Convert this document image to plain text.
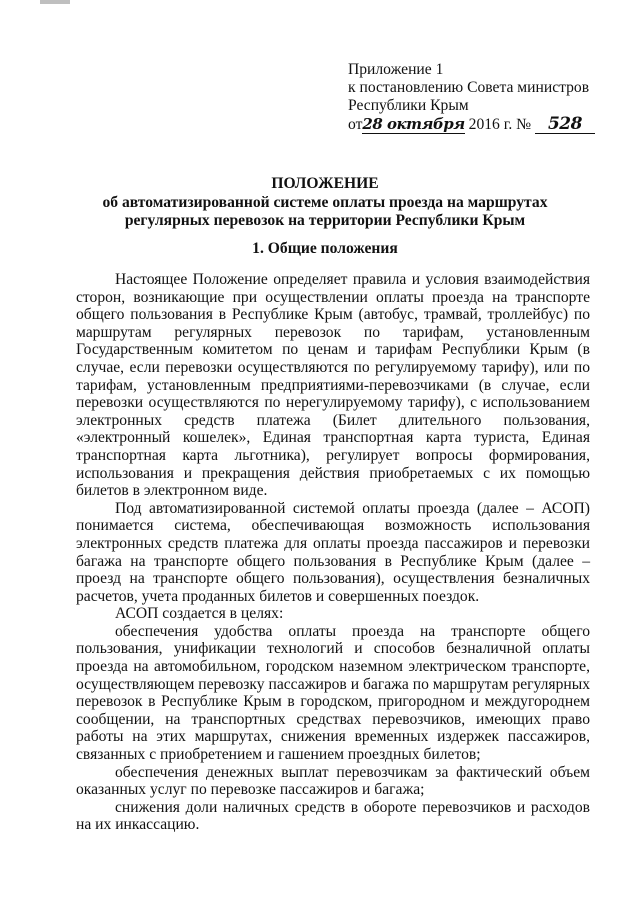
Приложение 1
к постановлению Совета министров
Республики Крым
от28 октября 2016 г. № 528
ПОЛОЖЕНИЕ
об автоматизированной системе оплаты проезда на маршрутах
регулярных перевозок на территории Республики Крым
1. Общие положения

Настоящее Положение определяет правила и условия взаимодействия сторон, возникающие при осуществлении оплаты проезда на транспорте общего пользования в Республике Крым (автобус, трамвай, троллейбус) по маршрутам регулярных перевозок по тарифам, установленным Государственным комитетом по ценам и тарифам Республики Крым (в случае, если перевозки осуществляются по регулируемому тарифу), или по тарифам, установленным предприятиями-перевозчиками (в случае, если перевозки осуществляются по нерегулируемому тарифу), с использованием электронных средств платежа (Билет длительного пользования, «электронный кошелек», Единая транспортная карта туриста, Единая транспортная карта льготника), регулирует вопросы формирования, использования и прекращения действия приобретаемых с их помощью билетов в электронном виде.

Под автоматизированной системой оплаты проезда (далее – АСОП) понимается система, обеспечивающая возможность использования электронных средств платежа для оплаты проезда пассажиров и перевозки багажа на транспорте общего пользования в Республике Крым (далее – проезд на транспорте общего пользования), осуществления безналичных расчетов, учета проданных билетов и совершенных поездок.

АСОП создается в целях:

обеспечения удобства оплаты проезда на транспорте общего пользования, унификации технологий и способов безналичной оплаты проезда на автомобильном, городском наземном электрическом транспорте, осуществляющем перевозку пассажиров и багажа по маршрутам регулярных перевозок в Республике Крым в городском, пригородном и междугороднем сообщении, на транспортных средствах перевозчиков, имеющих право работы на этих маршрутах, снижения временных издержек пассажиров, связанных с приобретением и гашением проездных билетов;

обеспечения денежных выплат перевозчикам за фактический объем оказанных услуг по перевозке пассажиров и багажа;

снижения доли наличных средств в обороте перевозчиков и расходов на их инкассацию.
